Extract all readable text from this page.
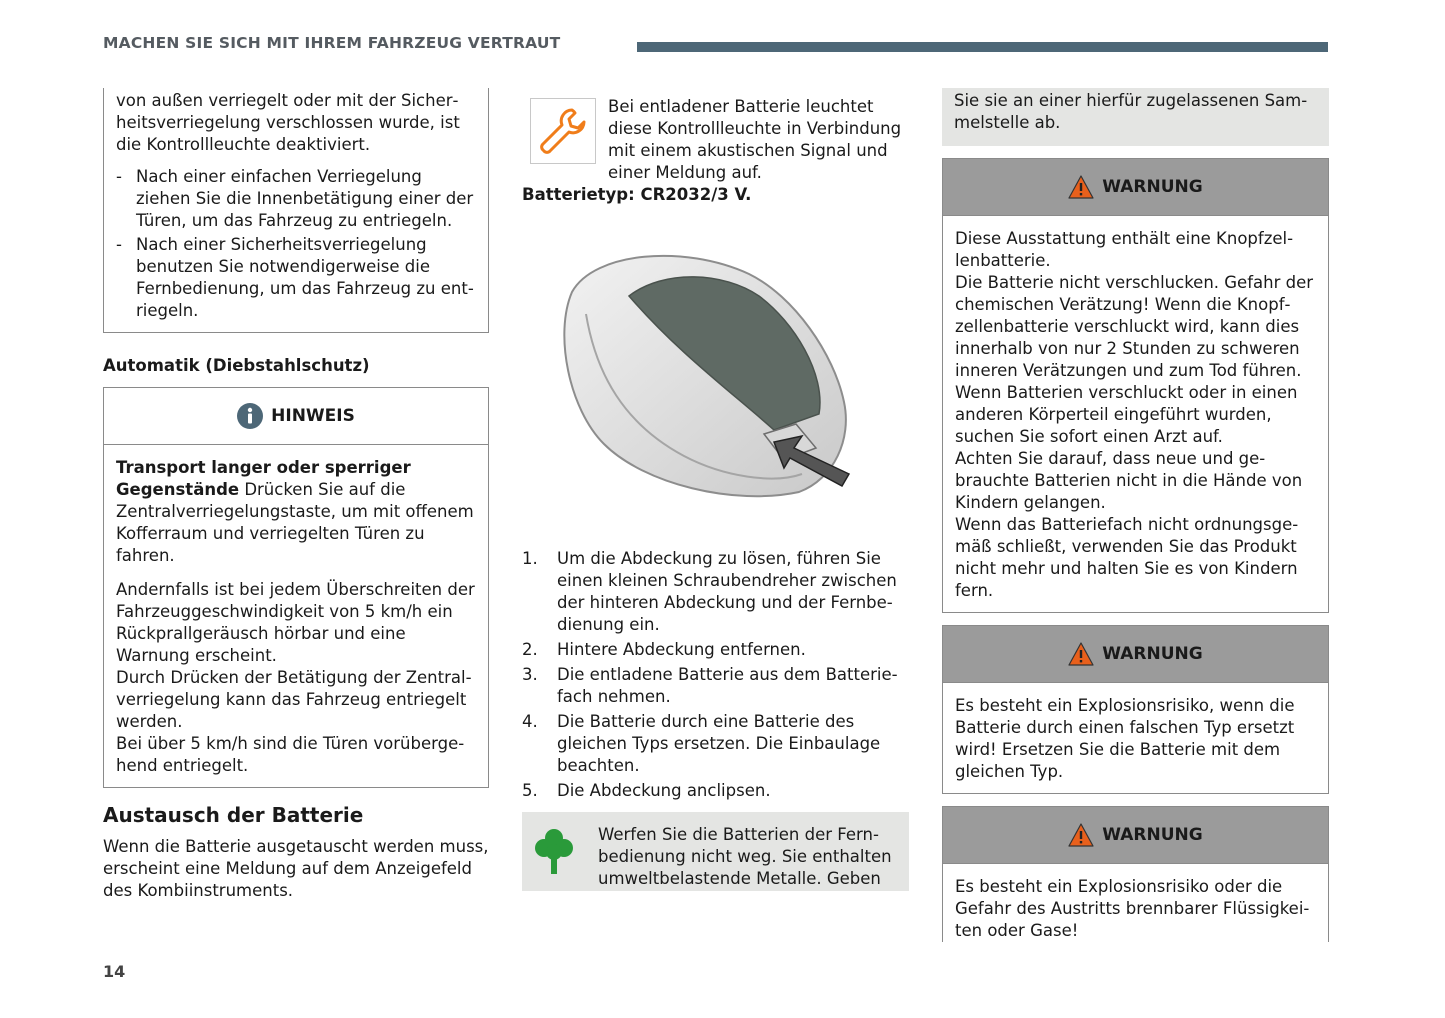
MACHEN SIE SICH MIT IHREM FAHRZEUG VERTRAUT

von außen verriegelt oder mit der Sicherheitsverriegelung verschlossen wurde, ist die Kontrollleuchte deaktiviert.

- Nach einer einfachen Verriegelung ziehen Sie die Innenbetätigung einer der Türen, um das Fahrzeug zu entriegeln.
- Nach einer Sicherheitsverriegelung benutzen Sie notwendigerweise die Fernbedienung, um das Fahrzeug zu entriegeln.
Automatik (Diebstahlschutz)
HINWEIS

Transport langer oder sperriger Gegenstände Drücken Sie auf die Zentralverriegelungstaste, um mit offenem Kofferraum und verriegelten Türen zu fahren.

Andernfalls ist bei jedem Überschreiten der Fahrzeuggeschwindigkeit von 5 km/h ein Rückprallgeräusch hörbar und eine Warnung erscheint.

Durch Drücken der Betätigung der Zentralverriegelung kann das Fahrzeug entriegelt werden.

Bei über 5 km/h sind die Türen vorübergehend entriegelt.

Austausch der Batterie

Wenn die Batterie ausgetauscht werden muss, erscheint eine Meldung auf dem Anzeigefeld des Kombiinstruments.

Bei entladener Batterie leuchtet diese Kontrollleuchte in Verbindung mit einem akustischen Signal und einer Meldung auf.

Batterietyp: CR2032/3 V.

1.	Um die Abdeckung zu lösen, führen Sie einen kleinen Schraubendreher zwischen der hinteren Abdeckung und der Fernbedienung ein.
2.	Hintere Abdeckung entfernen.
3.	Die entladene Batterie aus dem Batteriefach nehmen.
4.	Die Batterie durch eine Batterie des gleichen Typs ersetzen. Die Einbaulage beachten.
5.	Die Abdeckung anclipsen.

Werfen Sie die Batterien der Fernbedienung nicht weg. Sie enthalten umweltbelastende Metalle. Geben

Sie sie an einer hierfür zugelassenen Sammelstelle ab.

WARNUNG

Diese Ausstattung enthält eine Knopfzellenbatterie.

Die Batterie nicht verschlucken. Gefahr der chemischen Verätzung! Wenn die Knopfzellenbatterie verschluckt wird, kann dies innerhalb von nur 2 Stunden zu schweren inneren Verätzungen und zum Tod führen.

Wenn Batterien verschluckt oder in einen anderen Körperteil eingeführt wurden, suchen Sie sofort einen Arzt auf.

Achten Sie darauf, dass neue und gebrauchte Batterien nicht in die Hände von Kindern gelangen.

Wenn das Batteriefach nicht ordnungsgemäß schließt, verwenden Sie das Produkt nicht mehr und halten Sie es von Kindern fern.

WARNUNG

Es besteht ein Explosionsrisiko, wenn die Batterie durch einen falschen Typ ersetzt wird! Ersetzen Sie die Batterie mit dem gleichen Typ.

WARNUNG

Es besteht ein Explosionsrisiko oder die Gefahr des Austritts brennbarer Flüssigkeiten oder Gase!

14
